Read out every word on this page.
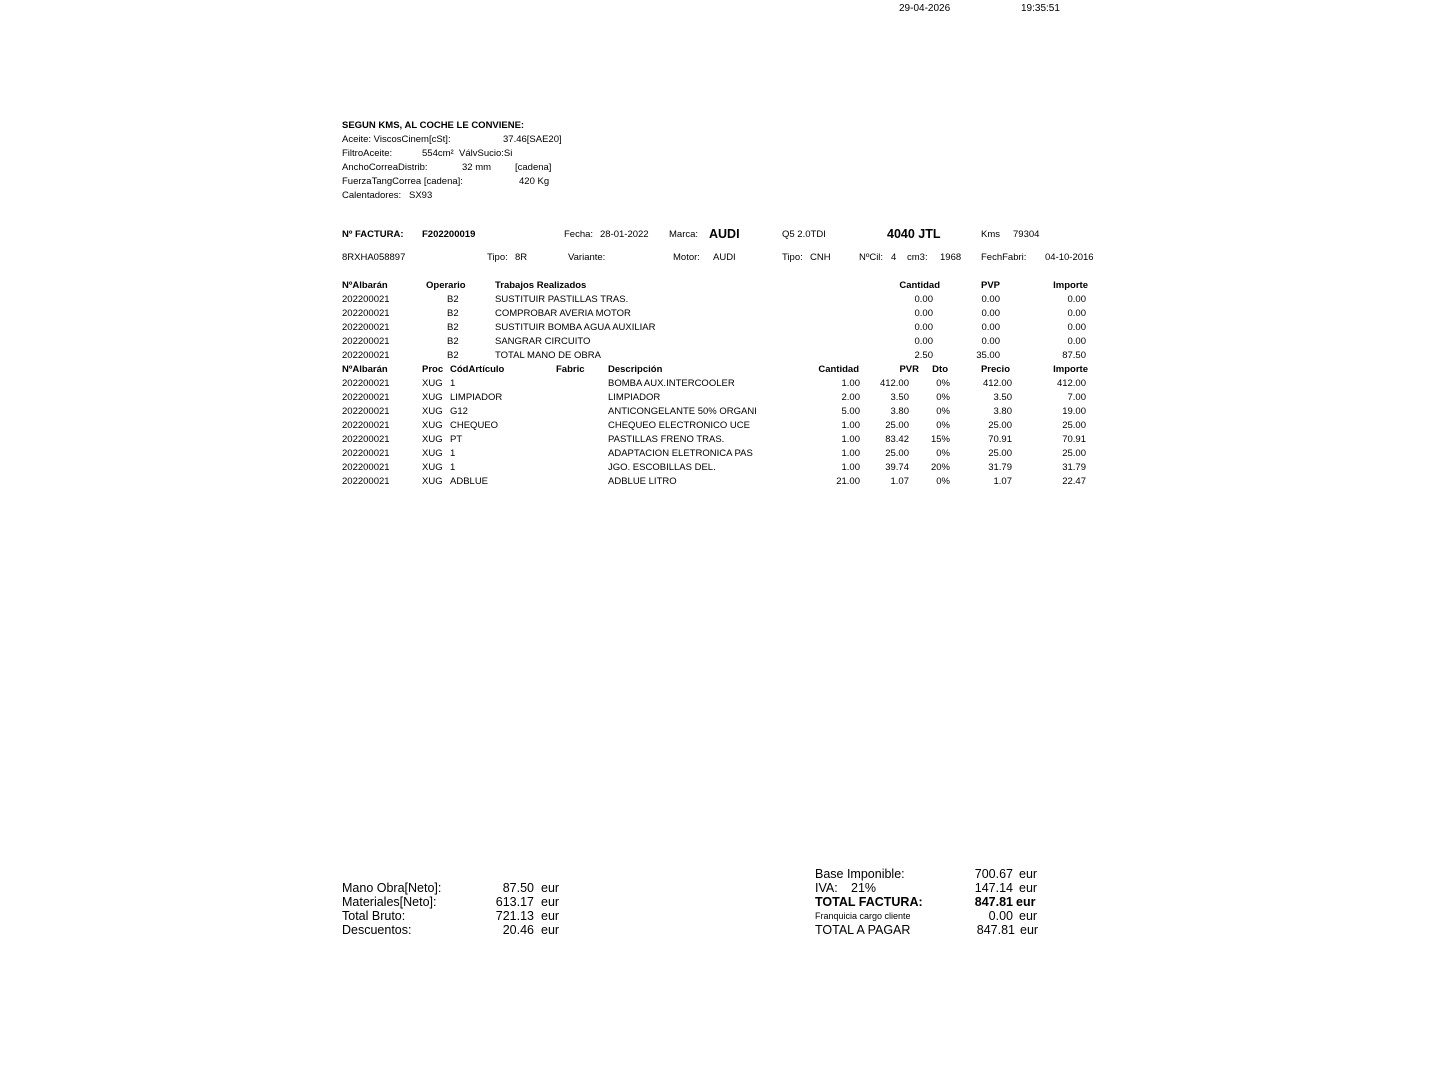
29-04-2026	19:35:51
SEGUN KMS, AL COCHE LE CONVIENE:
Aceite: ViscosCinem[cSt]:	37.46[SAE20]
FiltroAceite:	554cm² VálvSucio:Si
AnchoCorreaDistrib:	32 mm	[cadena]
FuerzaTangCorrea [cadena]:	420 Kg
Calentadores: SX93
Nº FACTURA: F202200019	Fecha: 28-01-2022 Marca: AUDI	Q5 2.0TDI	4040 JTL	Kms 79304
8RXHA058897	Tipo: 8R	Variante:	Motor: AUDI	Tipo: CNH	NºCil: 4 cm3: 1968 FechFabri: 04-10-2016
NºAlbarán	Operario	Trabajos Realizados	Cantidad	PVP	Importe
202200021	B2	SUSTITUIR PASTILLAS TRAS.	0.00	0.00	0.00
202200021	B2	COMPROBAR AVERIA MOTOR	0.00	0.00	0.00
202200021	B2	SUSTITUIR BOMBA AGUA AUXILIAR	0.00	0.00	0.00
202200021	B2	SANGRAR CIRCUITO	0.00	0.00	0.00
202200021	B2	TOTAL MANO DE OBRA	2.50	35.00	87.50
NºAlbarán	Proc CódArtículo	Fabric Descripción	Cantidad	PVR Dto	Precio	Importe
202200021	XUG 1	BOMBA AUX.INTERCOOLER	1.00 412.00	0%	412.00	412.00
202200021	XUG LIMPIADOR	LIMPIADOR	2.00	3.50	0%	3.50	7.00
202200021	XUG G12	ANTICONGELANTE 50% ORGANI	5.00	3.80	0%	3.80	19.00
202200021	XUG CHEQUEO	CHEQUEO ELECTRONICO UCE	1.00	25.00	0%	25.00	25.00
202200021	XUG PT	PASTILLAS FRENO TRAS.	1.00	83.42 15%	70.91	70.91
202200021	XUG 1	ADAPTACION ELETRONICA PAS	1.00	25.00	0%	25.00	25.00
202200021	XUG 1	JGO. ESCOBILLAS DEL.	1.00	39.74 20%	31.79	31.79
202200021	XUG ADBLUE	ADBLUE LITRO	21.00	1.07	0%	1.07	22.47
Mano Obra[Neto]:	87.50 eur
Materiales[Neto]:	613.17 eur
Total Bruto:	721.13 eur
Descuentos:	20.46 eur
Base Imponible:	700.67 eur
IVA: 21%	147.14 eur
TOTAL FACTURA:	847.81 eur
Franquicia cargo cliente	0.00 eur
TOTAL A PAGAR	847.81 eur
